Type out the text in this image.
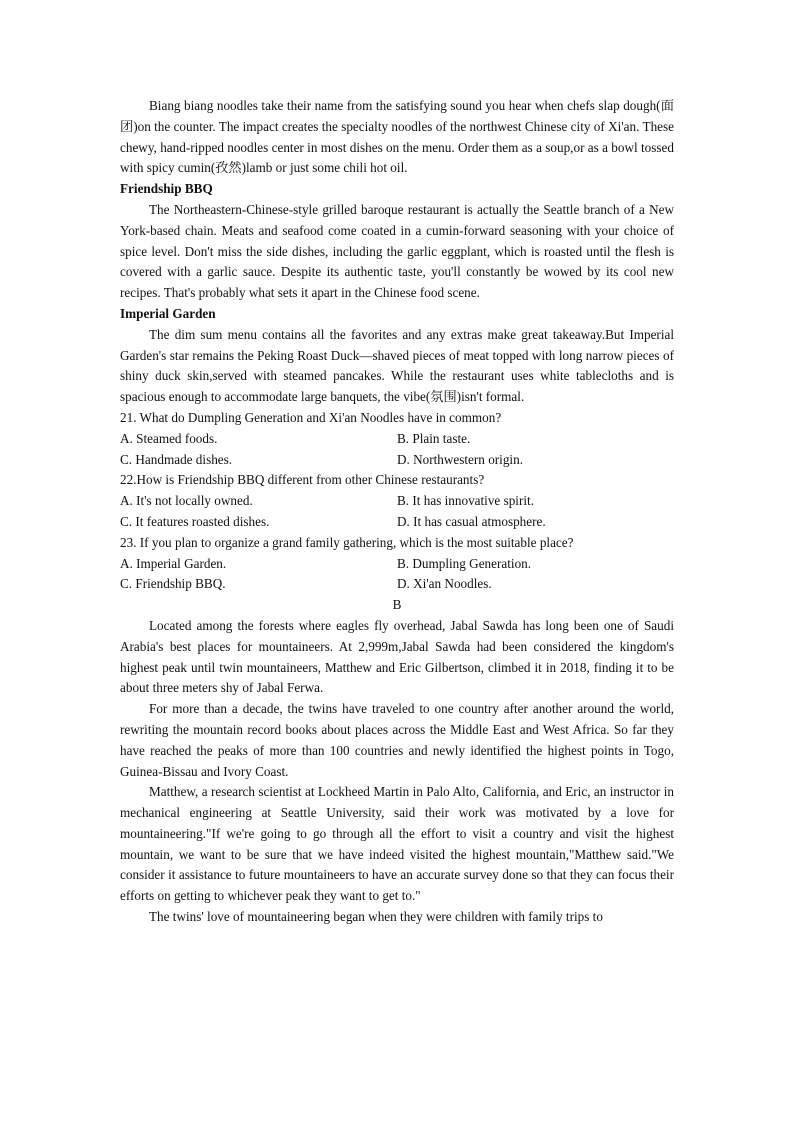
Biang biang noodles take their name from the satisfying sound you hear when chefs slap dough(面团)on the counter. The impact creates the specialty noodles of the northwest Chinese city of Xi'an. These chewy, hand-ripped noodles center in most dishes on the menu. Order them as a soup,or as a bowl tossed with spicy cumin(孜然)lamb or just some chili hot oil.

Friendship BBQ

The Northeastern-Chinese-style grilled baroque restaurant is actually the Seattle branch of a New York-based chain. Meats and seafood come coated in a cumin-forward seasoning with your choice of spice level. Don't miss the side dishes, including the garlic eggplant, which is roasted until the flesh is covered with a garlic sauce. Despite its authentic taste, you'll constantly be wowed by its cool new recipes. That's probably what sets it apart in the Chinese food scene.

Imperial Garden

The dim sum menu contains all the favorites and any extras make great takeaway.But Imperial Garden's star remains the Peking Roast Duck—shaved pieces of meat topped with long narrow pieces of shiny duck skin,served with steamed pancakes. While the restaurant uses white tablecloths and is spacious enough to accommodate large banquets, the vibe(氛围)isn't formal.

21. What do Dumpling Generation and Xi'an Noodles have in common?

A. Steamed foods.	B. Plain taste.
C. Handmade dishes.	D. Northwestern origin.

22.How is Friendship BBQ different from other Chinese restaurants?

A. It's not locally owned.	B. It has innovative spirit.
C. It features roasted dishes.	D. It has casual atmosphere.

23. If you plan to organize a grand family gathering, which is the most suitable place?

A. Imperial Garden.	B. Dumpling Generation.
C. Friendship BBQ.	D. Xi'an Noodles.

B

Located among the forests where eagles fly overhead, Jabal Sawda has long been one of Saudi Arabia's best places for mountaineers. At 2,999m,Jabal Sawda had been considered the kingdom's highest peak until twin mountaineers, Matthew and Eric Gilbertson, climbed it in 2018, finding it to be about three meters shy of Jabal Ferwa.

For more than a decade, the twins have traveled to one country after another around the world, rewriting the mountain record books about places across the Middle East and West Africa. So far they have reached the peaks of more than 100 countries and newly identified the highest points in Togo, Guinea-Bissau and Ivory Coast.

Matthew, a research scientist at Lockheed Martin in Palo Alto, California, and Eric, an instructor in mechanical engineering at Seattle University, said their work was motivated by a love for mountaineering."If we're going to go through all the effort to visit a country and visit the highest mountain, we want to be sure that we have indeed visited the highest mountain,"Matthew said."We consider it assistance to future mountaineers to have an accurate survey done so that they can focus their efforts on getting to whichever peak they want to get to."

The twins' love of mountaineering began when they were children with family trips to
